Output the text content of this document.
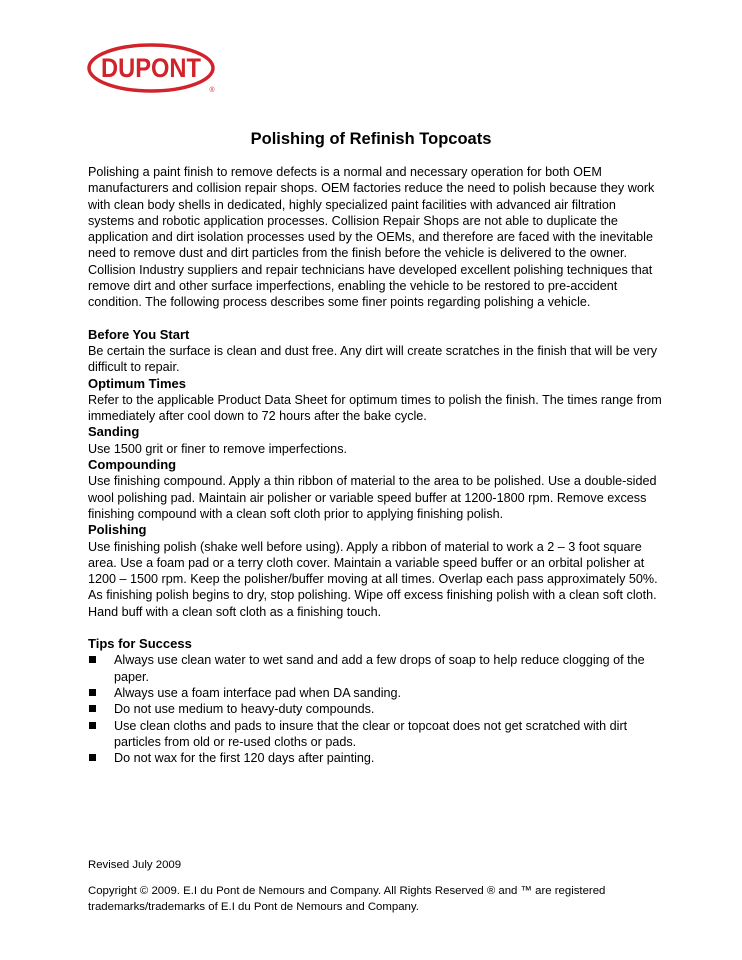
DUPONT
®
Polishing of Refinish Topcoats

Polishing a paint finish to remove defects is a normal and necessary operation for both OEM manufacturers and collision repair shops. OEM factories reduce the need to polish because they work with clean body shells in dedicated, highly specialized paint facilities with advanced air filtration systems and robotic application processes. Collision Repair Shops are not able to duplicate the application and dirt isolation processes used by the OEMs, and therefore are faced with the inevitable need to remove dust and dirt particles from the finish before the vehicle is delivered to the owner. Collision Industry suppliers and repair technicians have developed excellent polishing techniques that remove dirt and other surface imperfections, enabling the vehicle to be restored to pre-accident condition. The following process describes some finer points regarding polishing a vehicle.

Before You Start

Be certain the surface is clean and dust free. Any dirt will create scratches in the finish that will be very difficult to repair.

Optimum Times

Refer to the applicable Product Data Sheet for optimum times to polish the finish. The times range from immediately after cool down to 72 hours after the bake cycle.

Sanding

Use 1500 grit or finer to remove imperfections.

Compounding

Use finishing compound. Apply a thin ribbon of material to the area to be polished. Use a double-sided wool polishing pad. Maintain air polisher or variable speed buffer at 1200-1800 rpm. Remove excess finishing compound with a clean soft cloth prior to applying finishing polish.

Polishing

Use finishing polish (shake well before using). Apply a ribbon of material to work a 2 – 3 foot square area. Use a foam pad or a terry cloth cover. Maintain a variable speed buffer or an orbital polisher at 1200 – 1500 rpm. Keep the polisher/buffer moving at all times. Overlap each pass approximately 50%. As finishing polish begins to dry, stop polishing. Wipe off excess finishing polish with a clean soft cloth. Hand buff with a clean soft cloth as a finishing touch.

Tips for Success

Always use clean water to wet sand and add a few drops of soap to help reduce clogging of the paper.
Always use a foam interface pad when DA sanding.
Do not use medium to heavy-duty compounds.
Use clean cloths and pads to insure that the clear or topcoat does not get scratched with dirt particles from old or re-used cloths or pads.
Do not wax for the first 120 days after painting.

Revised July 2009

Copyright © 2009. E.I du Pont de Nemours and Company. All Rights Reserved ® and ™ are registered trademarks/trademarks of E.I du Pont de Nemours and Company.
